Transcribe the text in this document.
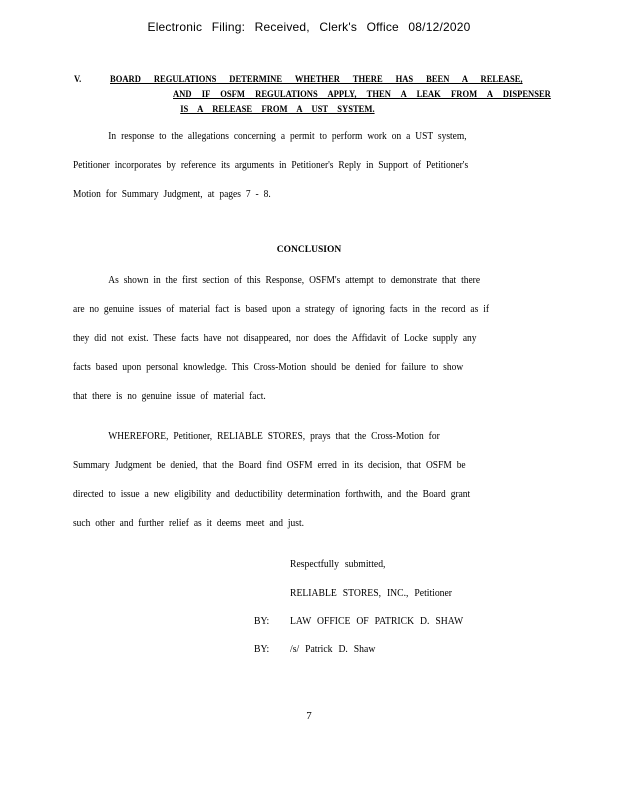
Electronic Filing: Received, Clerk's Office 08/12/2020
V.	BOARD REGULATIONS DETERMINE WHETHER THERE HAS BEEN A RELEASE,
AND IF OSFM REGULATIONS APPLY, THEN A LEAK FROM A DISPENSER
IS A RELEASE FROM A UST SYSTEM.
In response to the allegations concerning a permit to perform work on a UST system,
Petitioner incorporates by reference its arguments in Petitioner's Reply in Support of Petitioner's
Motion for Summary Judgment, at pages 7 - 8.
CONCLUSION
As shown in the first section of this Response, OSFM's attempt to demonstrate that there
are no genuine issues of material fact is based upon a strategy of ignoring facts in the record as if
they did not exist. These facts have not disappeared, nor does the Affidavit of Locke supply any
facts based upon personal knowledge. This Cross-Motion should be denied for failure to show
that there is no genuine issue of material fact.
WHEREFORE, Petitioner, RELIABLE STORES, prays that the Cross-Motion for
Summary Judgment be denied, that the Board find OSFM erred in its decision, that OSFM be
directed to issue a new eligibility and deductibility determination forthwith, and the Board grant
such other and further relief as it deems meet and just.
Respectfully submitted,
RELIABLE STORES, INC., Petitioner
BY: LAW OFFICE OF PATRICK D. SHAW
BY: /s/ Patrick D. Shaw
7
